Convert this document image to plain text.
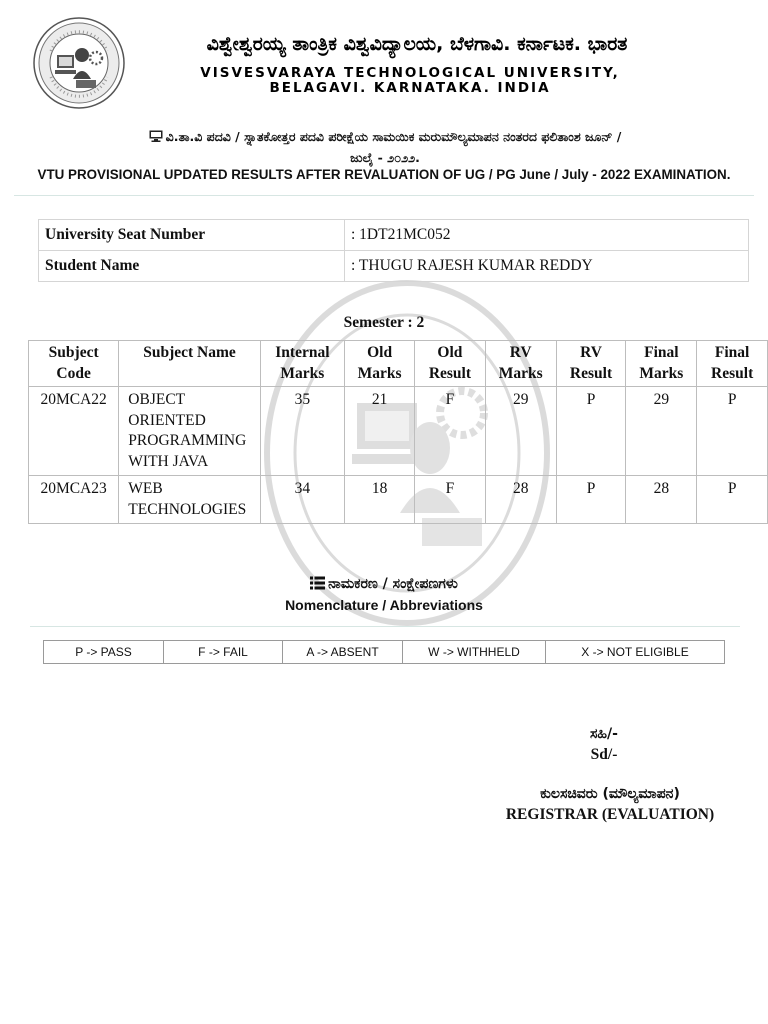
ವಿಶ್ವೇಶ್ವರಯ್ಯ ತಾಂತ್ರಿಕ ವಿಶ್ವವಿದ್ಯಾಲಯ, ಬೆಳಗಾವಿ. ಕರ್ನಾಟಕ. ಭಾರತ
VISVESVARAYA TECHNOLOGICAL UNIVERSITY,
BELAGAVI. KARNATAKA. INDIA
ವಿ.ತಾ.ವಿ ಪದವಿ / ಸ್ನಾತಕೋತ್ತರ ಪದವಿ ಪರೀಕ್ಷೆಯ ಸಾಮಯಿಕ ಮರುಮೌಲ್ಯಮಾಪನ ನಂತರದ ಫಲಿತಾಂಶ ಜೂನ್ /
ಜುಲೈ - ೨೦೨೨.
VTU PROVISIONAL UPDATED RESULTS AFTER REVALUATION OF UG / PG June / July - 2022 EXAMINATION.
University Seat Number	: 1DT21MC052
Student Name	: THUGU RAJESH KUMAR REDDY
Semester : 2
Subject Code	Subject Name	Internal Marks	Old Marks	Old Result	RV Marks	RV Result	Final Marks	Final Result
20MCA22	OBJECT ORIENTED PROGRAMMING WITH JAVA	35	21	F	29	P	29	P
20MCA23	WEB TECHNOLOGIES	34	18	F	28	P	28	P
ನಾಮಕರಣ / ಸಂಕ್ಷೇಪಣಗಳು
Nomenclature / Abbreviations
P -> PASS	F -> FAIL	A -> ABSENT	W -> WITHHELD	X -> NOT ELIGIBLE
ಸಹಿ/-
Sd/-
ಕುಲಸಚಿವರು (ಮೌಲ್ಯಮಾಪನ)
REGISTRAR (EVALUATION)
